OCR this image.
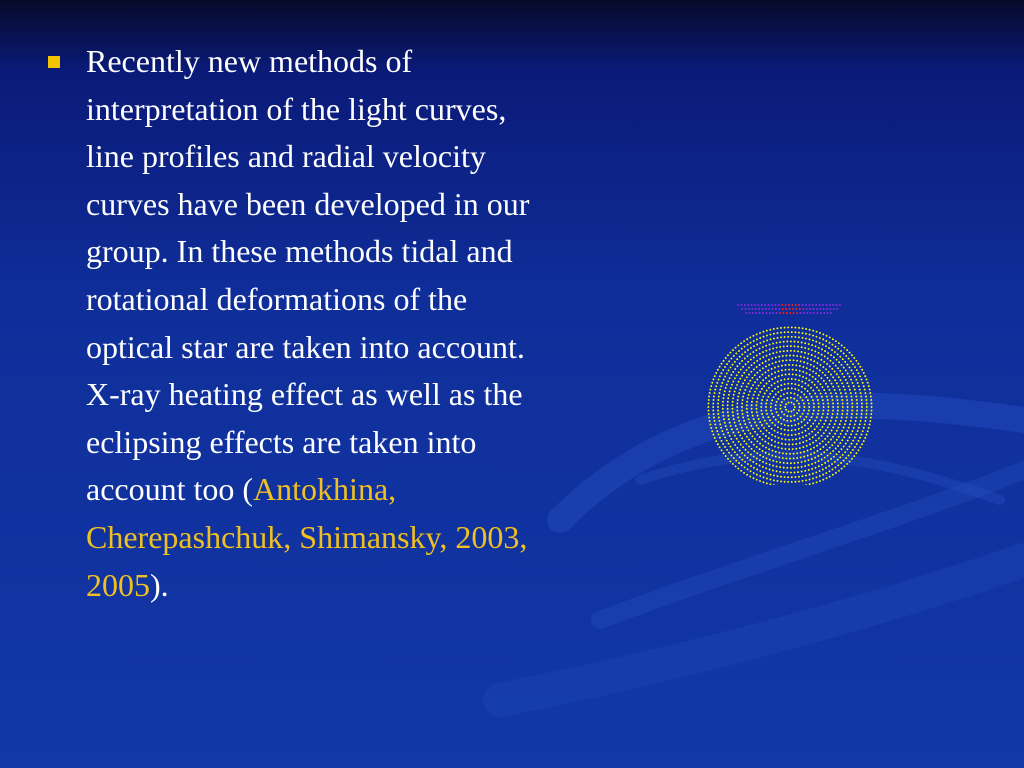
Recently new methods of interpretation of the light curves, line profiles and radial velocity curves have been developed in our group. In these methods tidal and rotational deformations of the optical star are taken into account. X-ray heating effect as well as the eclipsing effects are taken into account too (Antokhina, Cherepashchuk, Shimansky, 2003, 2005).
